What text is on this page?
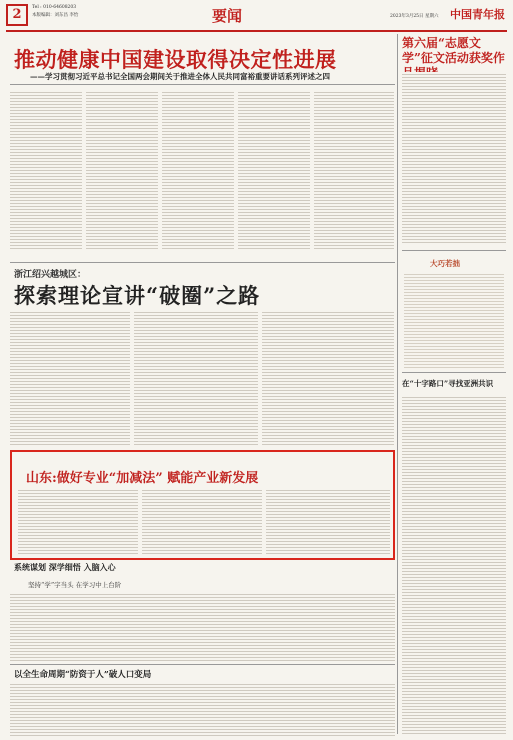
2	Tel : 010-64608203
本版编辑：刘东昌 李怡	要闻	2023年3月25日 星期六 中国青年报
推动健康中国建设取得决定性进展
——学习贯彻习近平总书记全国两会期间关于推进全体人民共同富裕重要讲话系列评述之四
第六届“志愿文学”征文活动获奖作
大巧若拙
在“十字路口”寻找亚洲共识
浙江绍兴越城区：
探索理论宣讲“破圈”之路
山东:做好专业“加减法” 赋能产业新发展
系统谋划 深学细悟 入脑入心
坚持“学”字当头 在学习中上台阶
以全生命周期“防资于人”破人口变局
